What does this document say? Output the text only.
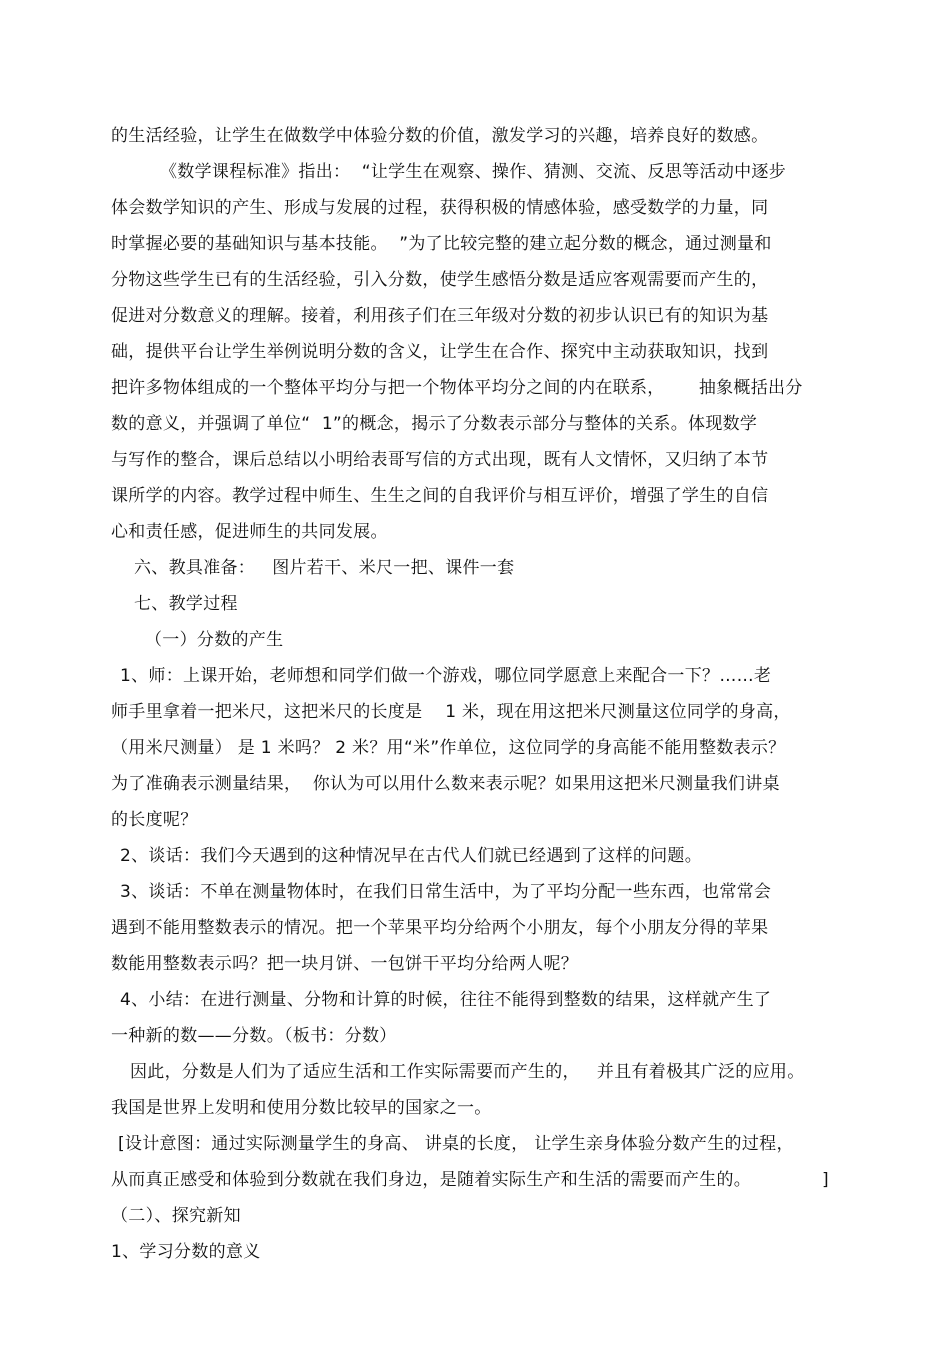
的生活经验，让学生在做数学中体验分数的价值，激发学习的兴趣，培养良好的数感。
《数学课程标准》指出：  “让学生在观察、操作、猜测、交流、反思等活动中逐步
体会数学知识的产生、形成与发展的过程，获得积极的情感体验，感受数学的力量，同
时掌握必要的基础知识与基本技能。  ”为了比较完整的建立起分数的概念，通过测量和
分物这些学生已有的生活经验，引入分数，使学生感悟分数是适应客观需要而产生的，
促进对分数意义的理解。接着，利用孩子们在三年级对分数的初步认识已有的知识为基
础，提供平台让学生举例说明分数的含义，让学生在合作、探究中主动获取知识，找到
把许多物体组成的一个整体平均分与把一个物体平均分之间的内在联系，      抽象概括出分
数的意义，并强调了单位“  1”的概念，揭示了分数表示部分与整体的关系。体现数学
与写作的整合，课后总结以小明给表哥写信的方式出现，既有人文情怀，又归纳了本节
课所学的内容。教学过程中师生、生生之间的自我评价与相互评价，增强了学生的自信
心和责任感，促进师生的共同发展。
六、教具准备：   图片若干、米尺一把、课件一套
七、教学过程
（一）分数的产生
1、师：上课开始，老师想和同学们做一个游戏，哪位同学愿意上来配合一下？……老
师手里拿着一把米尺，这把米尺的长度是    1 米，现在用这把米尺测量这位同学的身高，
（用米尺测量） 是 1 米吗？ 2 米？用“米”作单位，这位同学的身高能不能用整数表示？
为了准确表示测量结果，  你认为可以用什么数来表示呢？如果用这把米尺测量我们讲桌
的长度呢？
2、谈话：我们今天遇到的这种情况早在古代人们就已经遇到了这样的问题。
3、谈话：不单在测量物体时，在我们日常生活中，为了平均分配一些东西，也常常会
遇到不能用整数表示的情况。把一个苹果平均分给两个小朋友，每个小朋友分得的苹果
数能用整数表示吗？把一块月饼、一包饼干平均分给两人呢？
4、小结：在进行测量、分物和计算的时候，往往不能得到整数的结果，这样就产生了
一种新的数——分数。（板书：分数）
因此，分数是人们为了适应生活和工作实际需要而产生的，   并且有着极其广泛的应用。
我国是世界上发明和使用分数比较早的国家之一。
[设计意图：通过实际测量学生的身高、 讲桌的长度， 让学生亲身体验分数产生的过程，
从而真正感受和体验到分数就在我们身边，是随着实际生产和生活的需要而产生的。	]
（二）、探究新知
1、学习分数的意义
